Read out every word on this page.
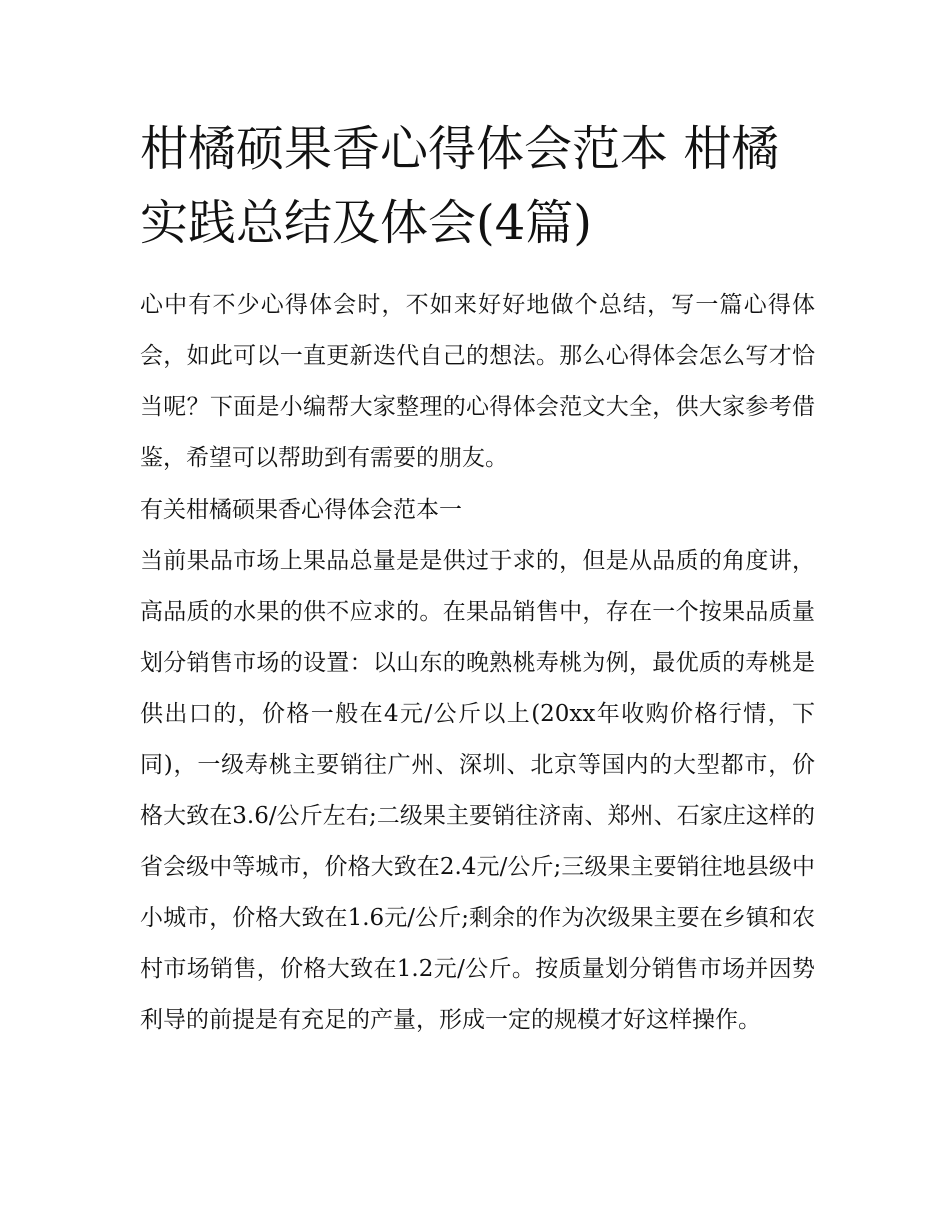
柑橘硕果香心得体会范本 柑橘实践总结及体会(4篇)

心中有不少心得体会时，不如来好好地做个总结，写一篇心得体会，如此可以一直更新迭代自己的想法。那么心得体会怎么写才恰当呢？下面是小编帮大家整理的心得体会范文大全，供大家参考借鉴，希望可以帮助到有需要的朋友。

有关柑橘硕果香心得体会范本一

当前果品市场上果品总量是是供过于求的，但是从品质的角度讲，高品质的水果的供不应求的。在果品销售中，存在一个按果品质量划分销售市场的设置：以山东的晚熟桃寿桃为例，最优质的寿桃是供出口的，价格一般在4元/公斤以上(20xx年收购价格行情，下同)，一级寿桃主要销往广州、深圳、北京等国内的大型都市，价格大致在3.6/公斤左右;二级果主要销往济南、郑州、石家庄这样的省会级中等城市，价格大致在2.4元/公斤;三级果主要销往地县级中小城市，价格大致在1.6元/公斤;剩余的作为次级果主要在乡镇和农村市场销售，价格大致在1.2元/公斤。按质量划分销售市场并因势利导的前提是有充足的产量，形成一定的规模才好这样操作。
